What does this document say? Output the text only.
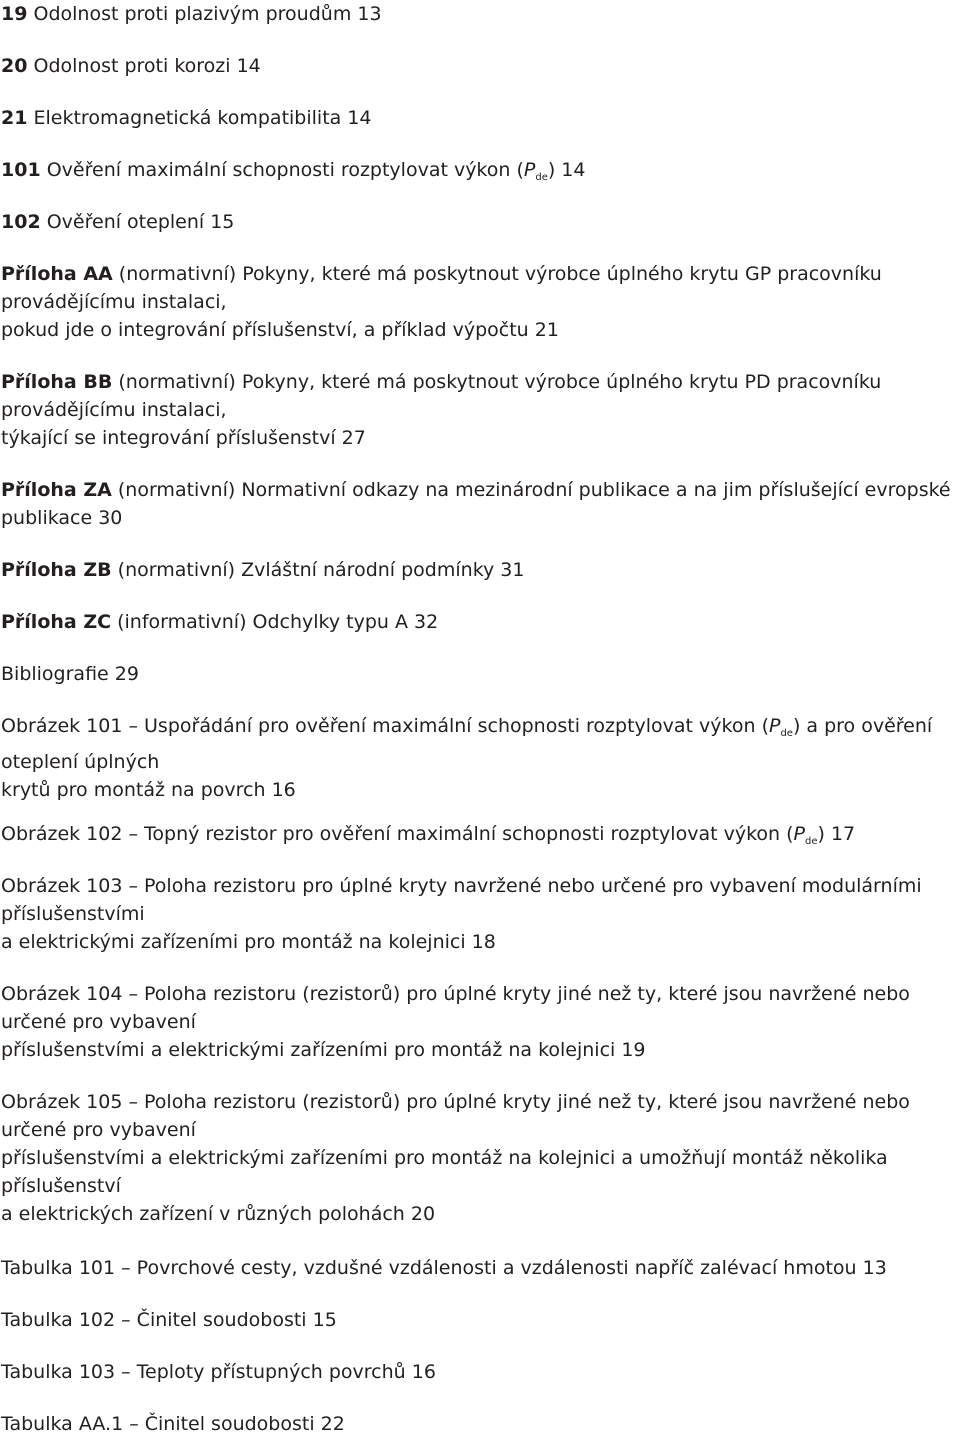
19 Odolnost proti plazivým proudům 13
20 Odolnost proti korozi 14
21 Elektromagnetická kompatibilita 14
101 Ověření maximální schopnosti rozptylovat výkon $(P_{de})$ 14
102 Ověření oteplení 15
Příloha AA (normativní) Pokyny, které má poskytnout výrobce úplného krytu GP pracovníku
provádějícímu instalaci,
pokud jde o integrování příslušenství, a příklad výpočtu 21
Příloha BB (normativní) Pokyny, které má poskytnout výrobce úplného krytu PD pracovníku
provádějícímu instalaci,
týkající se integrování příslušenství 27
Příloha ZA (normativní) Normativní odkazy na mezinárodní publikace a na jim příslušející evropské
publikace 30
Příloha ZB (normativní) Zvláštní národní podmínky 31
Příloha ZC (informativní) Odchylky typu A 32
Bibliografie 29
Obrázek 101 – Uspořádání pro ověření maximální schopnosti rozptylovat výkon $(P_{de})$ a pro ověření
oteplení úplných
krytů pro montáž na povrch 16
Obrázek 102 – Topný rezistor pro ověření maximální schopnosti rozptylovat výkon $(P_{de})$ 17
Obrázek 103 – Poloha rezistoru pro úplné kryty navržené nebo určené pro vybavení modulárními
příslušenstvími
a elektrickými zařízeními pro montáž na kolejnici 18
Obrázek 104 – Poloha rezistoru (rezistorů) pro úplné kryty jiné než ty, které jsou navržené nebo
určené pro vybavení
příslušenstvími a elektrickými zařízeními pro montáž na kolejnici 19
Obrázek 105 – Poloha rezistoru (rezistorů) pro úplné kryty jiné než ty, které jsou navržené nebo
určené pro vybavení
příslušenstvími a elektrickými zařízeními pro montáž na kolejnici a umožňují montáž několika
příslušenství
a elektrických zařízení v různých polohách 20
Tabulka 101 – Povrchové cesty, vzdušné vzdálenosti a vzdálenosti napříč zalévací hmotou 13
Tabulka 102 – Činitel soudobosti 15
Tabulka 103 – Teploty přístupných povrchů 16
Tabulka AA.1 – Činitel soudobosti 22
